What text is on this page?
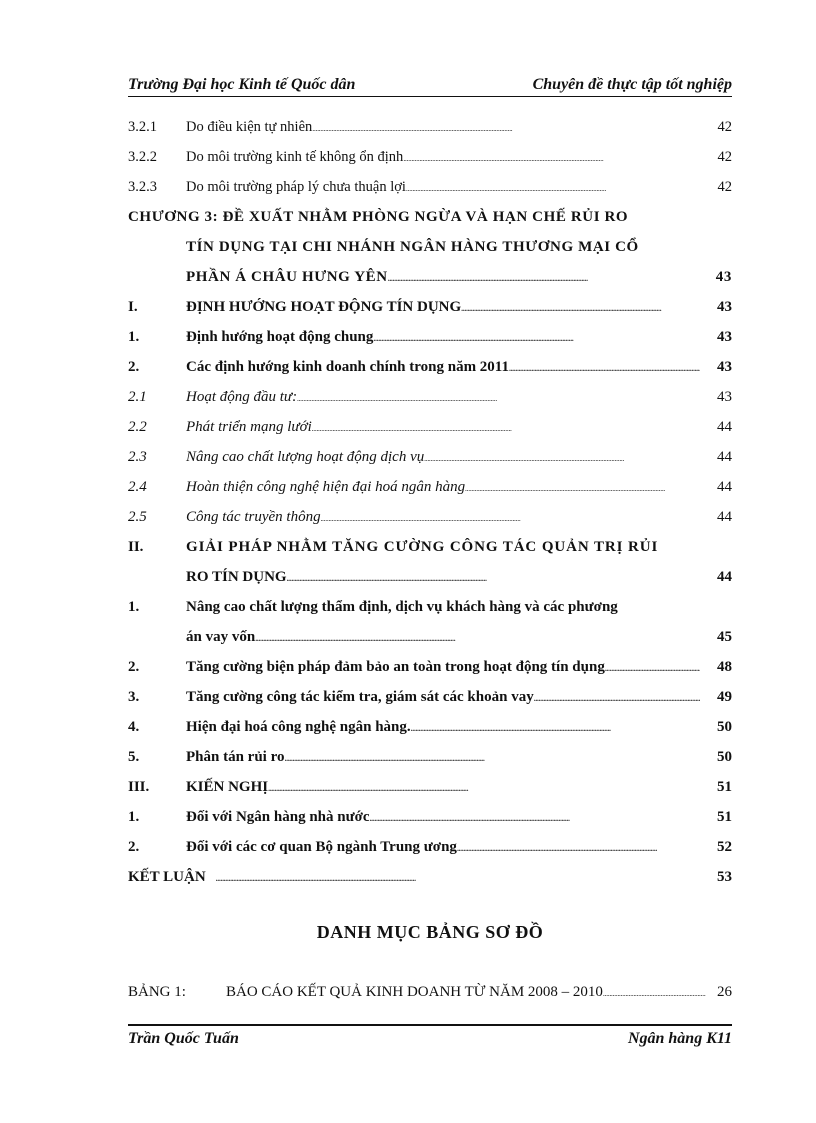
Trường Đại học Kinh tế Quốc dân	Chuyên đề thực tập tốt nghiệp
3.2.1	Do điều kiện tự nhiên . . .	42
3.2.2	Do môi trường kinh tế không ổn định . . .	42
3.2.3	Do môi trường pháp lý chưa thuận lợi . . .	42
CHƯƠNG 3: ĐỀ XUẤT NHẰM PHÒNG NGỪA VÀ HẠN CHẾ RỦI RO
TÍN DỤNG TẠI CHI NHÁNH NGÂN HÀNG THƯƠNG MẠI CỔ
PHẦN Á CHÂU HƯNG YÊN . . .	43
I.	ĐỊNH HƯỚNG HOẠT ĐỘNG TÍN DỤNG . . .	43
1.	Định hướng hoạt động chung . . .	43
2.	Các định hướng kinh doanh chính trong năm 2011 . . .	43
2.1	Hoạt động đầu tư: . . .	43
2.2	Phát triển mạng lưới . . .	44
2.3	Nâng cao chất lượng hoạt động dịch vụ . . .	44
2.4	Hoàn thiện công nghệ hiện đại hoá ngân hàng . . .	44
2.5	Công tác truyền thông . . .	44
II.	GIẢI PHÁP NHẰM TĂNG CƯỜNG CÔNG TÁC QUẢN TRỊ RỦI
RO TÍN DỤNG . . .	44
1.	Nâng cao chất lượng thẩm định, dịch vụ khách hàng và các phương
án vay vốn . . .	45
2.	Tăng cường biện pháp đảm bảo an toàn trong hoạt động tín dụng . . .	48
3.	Tăng cường công tác kiểm tra, giám sát các khoản vay . . .	49
4.	Hiện đại hoá công nghệ ngân hàng. . . .	50
5.	Phân tán rủi ro . . .	50
III.	KIẾN NGHỊ . . .	51
1.	Đối với Ngân hàng nhà nước . . .	51
2.	Đối với các cơ quan Bộ ngành Trung ương . . .	52
KẾT LUẬN . . .	53
DANH MỤC BẢNG SƠ ĐỒ
BẢNG 1:	BÁO CÁO KẾT QUẢ KINH DOANH TỪ NĂM 2008 – 2010 . . .	26
Trần Quốc Tuấn	Ngân hàng K11
